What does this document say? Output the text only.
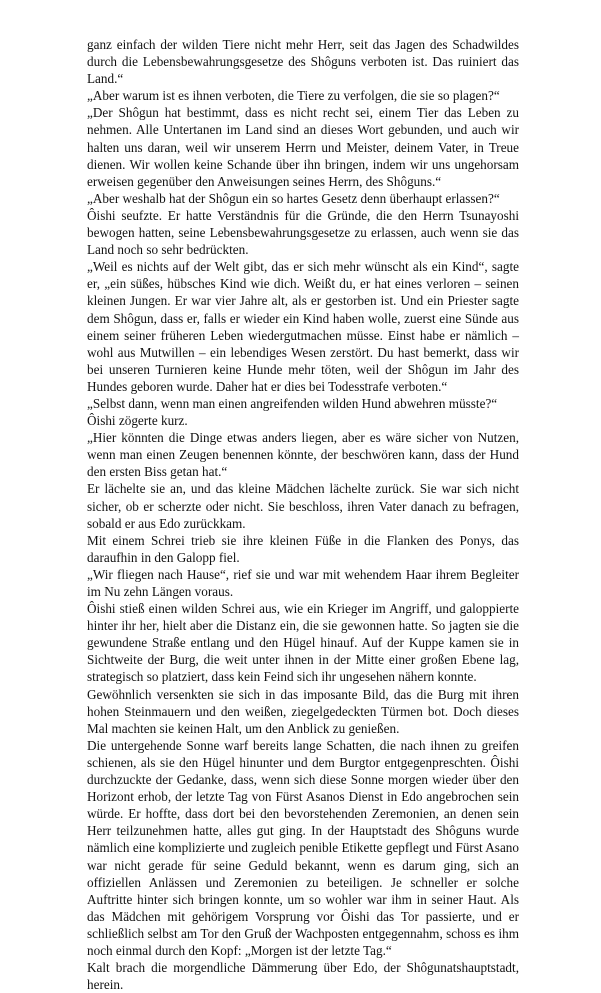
ganz einfach der wilden Tiere nicht mehr Herr, seit das Jagen des Schadwildes durch die Lebensbewahrungsgesetze des Shôguns verboten ist. Das ruiniert das Land.“

„Aber warum ist es ihnen verboten, die Tiere zu verfolgen, die sie so plagen?“

„Der Shôgun hat bestimmt, dass es nicht recht sei, einem Tier das Leben zu nehmen. Alle Untertanen im Land sind an dieses Wort gebunden, und auch wir halten uns daran, weil wir unserem Herrn und Meister, deinem Vater, in Treue dienen. Wir wollen keine Schande über ihn bringen, indem wir uns ungehorsam erweisen gegenüber den Anweisungen seines Herrn, des Shôguns.“

„Aber weshalb hat der Shôgun ein so hartes Gesetz denn überhaupt erlassen?“

Ôishi seufzte. Er hatte Verständnis für die Gründe, die den Herrn Tsunayoshi bewogen hatten, seine Lebensbewahrungsgesetze zu erlassen, auch wenn sie das Land noch so sehr bedrückten.

„Weil es nichts auf der Welt gibt, das er sich mehr wünscht als ein Kind“, sagte er, „ein süßes, hübsches Kind wie dich. Weißt du, er hat eines verloren – seinen kleinen Jungen. Er war vier Jahre alt, als er gestorben ist. Und ein Priester sagte dem Shôgun, dass er, falls er wieder ein Kind haben wolle, zuerst eine Sünde aus einem seiner früheren Leben wiedergutmachen müsse. Einst habe er nämlich – wohl aus Mutwillen – ein lebendiges Wesen zerstört. Du hast bemerkt, dass wir bei unseren Turnieren keine Hunde mehr töten, weil der Shôgun im Jahr des Hundes geboren wurde. Daher hat er dies bei Todesstrafe verboten.“

„Selbst dann, wenn man einen angreifenden wilden Hund abwehren müsste?“

Ôishi zögerte kurz.

„Hier könnten die Dinge etwas anders liegen, aber es wäre sicher von Nutzen, wenn man einen Zeugen benennen könnte, der beschwören kann, dass der Hund den ersten Biss getan hat.“

Er lächelte sie an, und das kleine Mädchen lächelte zurück. Sie war sich nicht sicher, ob er scherzte oder nicht. Sie beschloss, ihren Vater danach zu befragen, sobald er aus Edo zurückkam.

Mit einem Schrei trieb sie ihre kleinen Füße in die Flanken des Ponys, das daraufhin in den Galopp fiel.

„Wir fliegen nach Hause“, rief sie und war mit wehendem Haar ihrem Begleiter im Nu zehn Längen voraus.

Ôishi stieß einen wilden Schrei aus, wie ein Krieger im Angriff, und galoppierte hinter ihr her, hielt aber die Distanz ein, die sie gewonnen hatte. So jagten sie die gewundene Straße entlang und den Hügel hinauf. Auf der Kuppe kamen sie in Sichtweite der Burg, die weit unter ihnen in der Mitte einer großen Ebene lag, strategisch so platziert, dass kein Feind sich ihr ungesehen nähern konnte.

Gewöhnlich versenkten sie sich in das imposante Bild, das die Burg mit ihren hohen Steinmauern und den weißen, ziegelgedeckten Türmen bot. Doch dieses Mal machten sie keinen Halt, um den Anblick zu genießen.

Die untergehende Sonne warf bereits lange Schatten, die nach ihnen zu greifen schienen, als sie den Hügel hinunter und dem Burgtor entgegenpreschten. Ôishi durchzuckte der Gedanke, dass, wenn sich diese Sonne morgen wieder über den Horizont erhob, der letzte Tag von Fürst Asanos Dienst in Edo angebrochen sein würde. Er hoffte, dass dort bei den bevorstehenden Zeremonien, an denen sein Herr teilzunehmen hatte, alles gut ging. In der Hauptstadt des Shôguns wurde nämlich eine komplizierte und zugleich penible Etikette gepflegt und Fürst Asano war nicht gerade für seine Geduld bekannt, wenn es darum ging, sich an offiziellen Anlässen und Zeremonien zu beteiligen. Je schneller er solche Auftritte hinter sich bringen konnte, um so wohler war ihm in seiner Haut. Als das Mädchen mit gehörigem Vorsprung vor Ôishi das Tor passierte, und er schließlich selbst am Tor den Gruß der Wachposten entgegennahm, schoss es ihm noch einmal durch den Kopf: „Morgen ist der letzte Tag.“

Kalt brach die morgendliche Dämmerung über Edo, der Shôgunatshauptstadt, herein.
